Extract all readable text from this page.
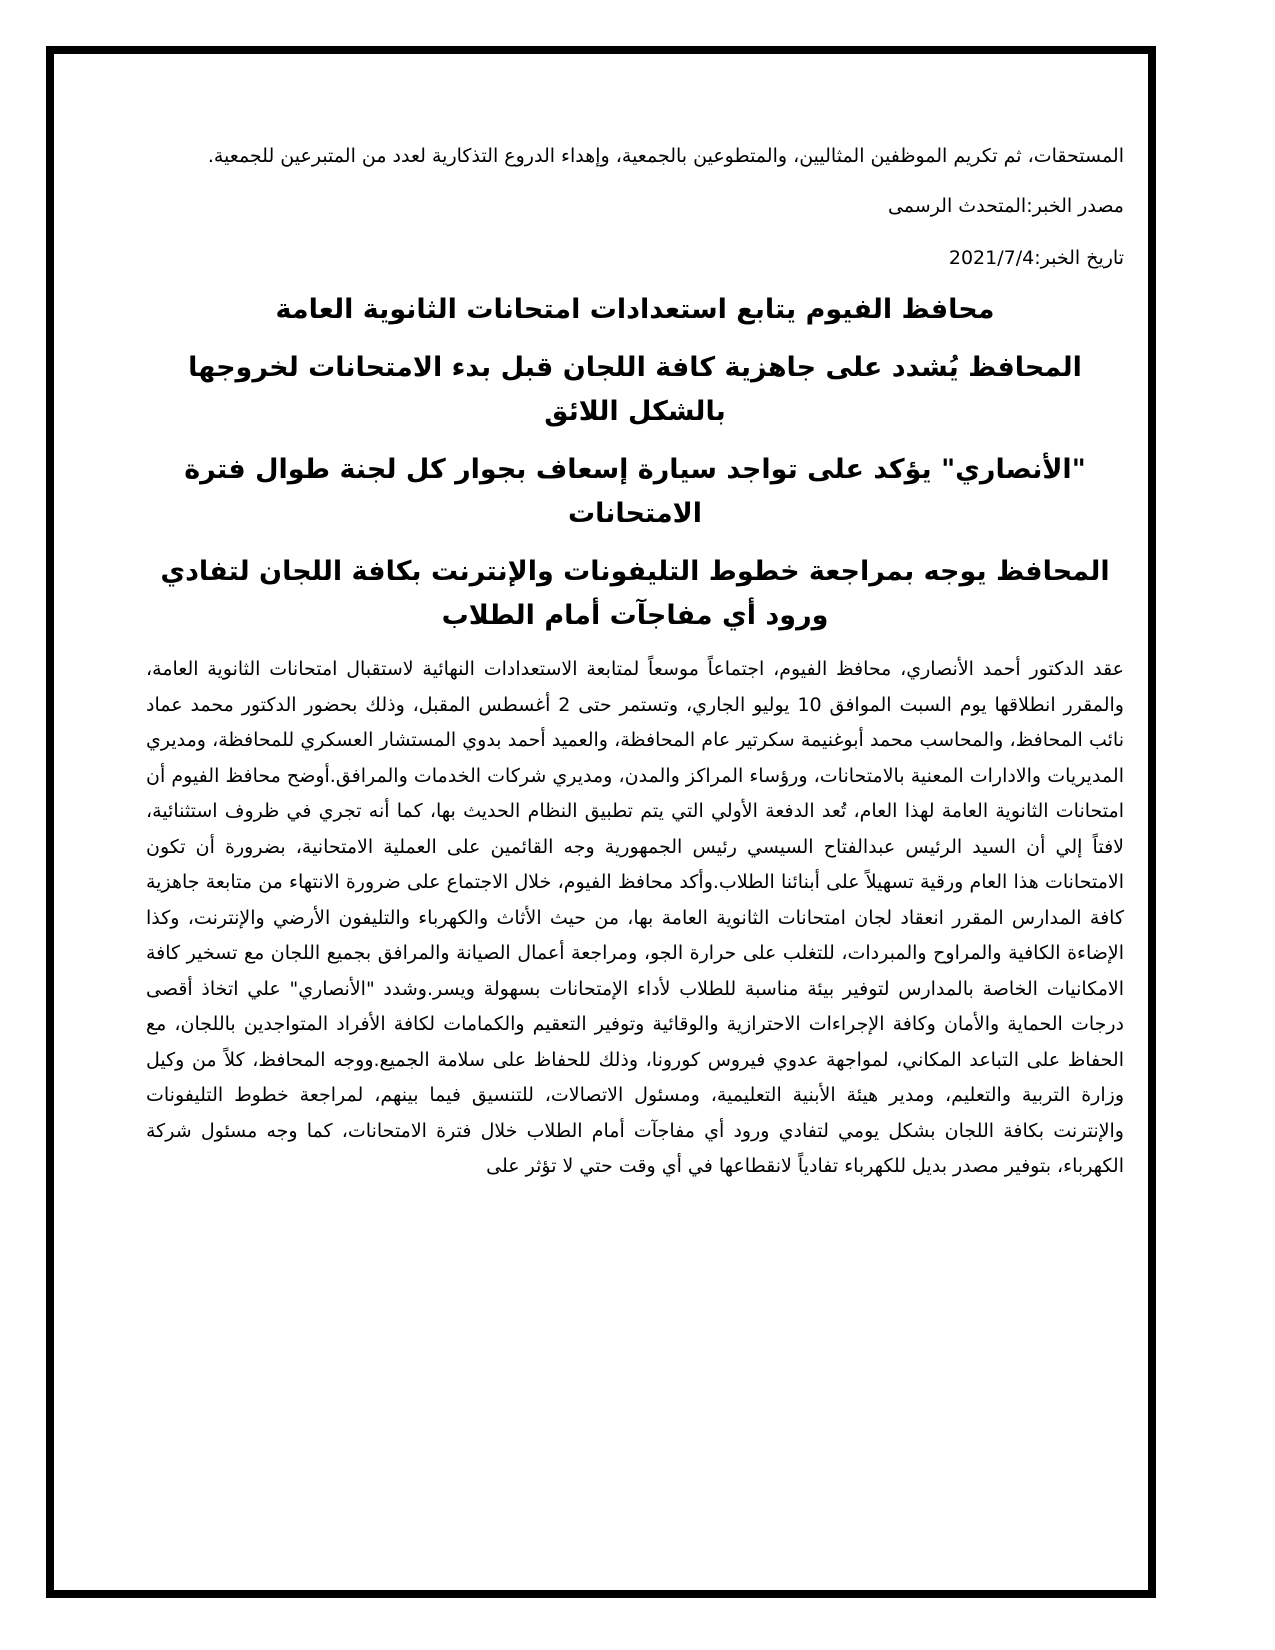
المستحقات، ثم تكريم الموظفين المثاليين، والمتطوعين بالجمعية، وإهداء الدروع التذكارية لعدد من المتبرعين للجمعية.

مصدر الخبر:المتحدث الرسمى

تاريخ الخبر:2021/7/4

محافظ الفيوم يتابع استعدادات امتحانات الثانوية العامة
المحافظ يُشدد على جاهزية كافة اللجان قبل بدء الامتحانات لخروجها بالشكل اللائق
"الأنصاري" يؤكد على تواجد سيارة إسعاف بجوار كل لجنة طوال فترة الامتحانات
المحافظ يوجه بمراجعة خطوط التليفونات والإنترنت بكافة اللجان لتفادي ورود أي مفاجآت أمام الطلاب

عقد الدكتور أحمد الأنصاري، محافظ الفيوم، اجتماعاً موسعاً لمتابعة الاستعدادات النهائية لاستقبال امتحانات الثانوية العامة، والمقرر انطلاقها يوم السبت الموافق 10 يوليو الجاري، وتستمر حتى 2 أغسطس المقبل، وذلك بحضور الدكتور محمد عماد نائب المحافظ، والمحاسب محمد أبوغنيمة سكرتير عام المحافظة، والعميد أحمد بدوي المستشار العسكري للمحافظة، ومديري المديريات والادارات المعنية بالامتحانات، ورؤساء المراكز والمدن، ومديري شركات الخدمات والمرافق.أوضح محافظ الفيوم أن امتحانات الثانوية العامة لهذا العام، تُعد الدفعة الأولي التي يتم تطبيق النظام الحديث بها، كما أنه تجري في ظروف استثنائية، لافتاً إلي أن السيد الرئيس عبدالفتاح السيسي رئيس الجمهورية وجه القائمين على العملية الامتحانية، بضرورة أن تكون الامتحانات هذا العام ورقية تسهيلاً على أبنائنا الطلاب.وأكد محافظ الفيوم، خلال الاجتماع على ضرورة الانتهاء من متابعة جاهزية كافة المدارس المقرر انعقاد لجان امتحانات الثانوية العامة بها، من حيث الأثاث والكهرباء والتليفون الأرضي والإنترنت، وكذا الإضاءة الكافية والمراوح والمبردات، للتغلب على حرارة الجو، ومراجعة أعمال الصيانة والمرافق بجميع اللجان مع تسخير كافة الامكانيات الخاصة بالمدارس لتوفير بيئة مناسبة للطلاب لأداء الإمتحانات بسهولة ويسر.وشدد "الأنصاري" علي اتخاذ أقصى درجات الحماية والأمان وكافة الإجراءات الاحترازية والوقائية وتوفير التعقيم والكمامات لكافة الأفراد المتواجدين باللجان، مع الحفاظ على التباعد المكاني، لمواجهة عدوي فيروس كورونا، وذلك للحفاظ على سلامة الجميع.ووجه المحافظ، كلاً من وكيل وزارة التربية والتعليم، ومدير هيئة الأبنية التعليمية، ومسئول الاتصالات، للتنسيق فيما بينهم، لمراجعة خطوط التليفونات والإنترنت بكافة اللجان بشكل يومي لتفادي ورود أي مفاجآت أمام الطلاب خلال فترة الامتحانات، كما وجه مسئول شركة الكهرباء، بتوفير مصدر بديل للكهرباء تفادياً لانقطاعها في أي وقت حتي لا تؤثر على
